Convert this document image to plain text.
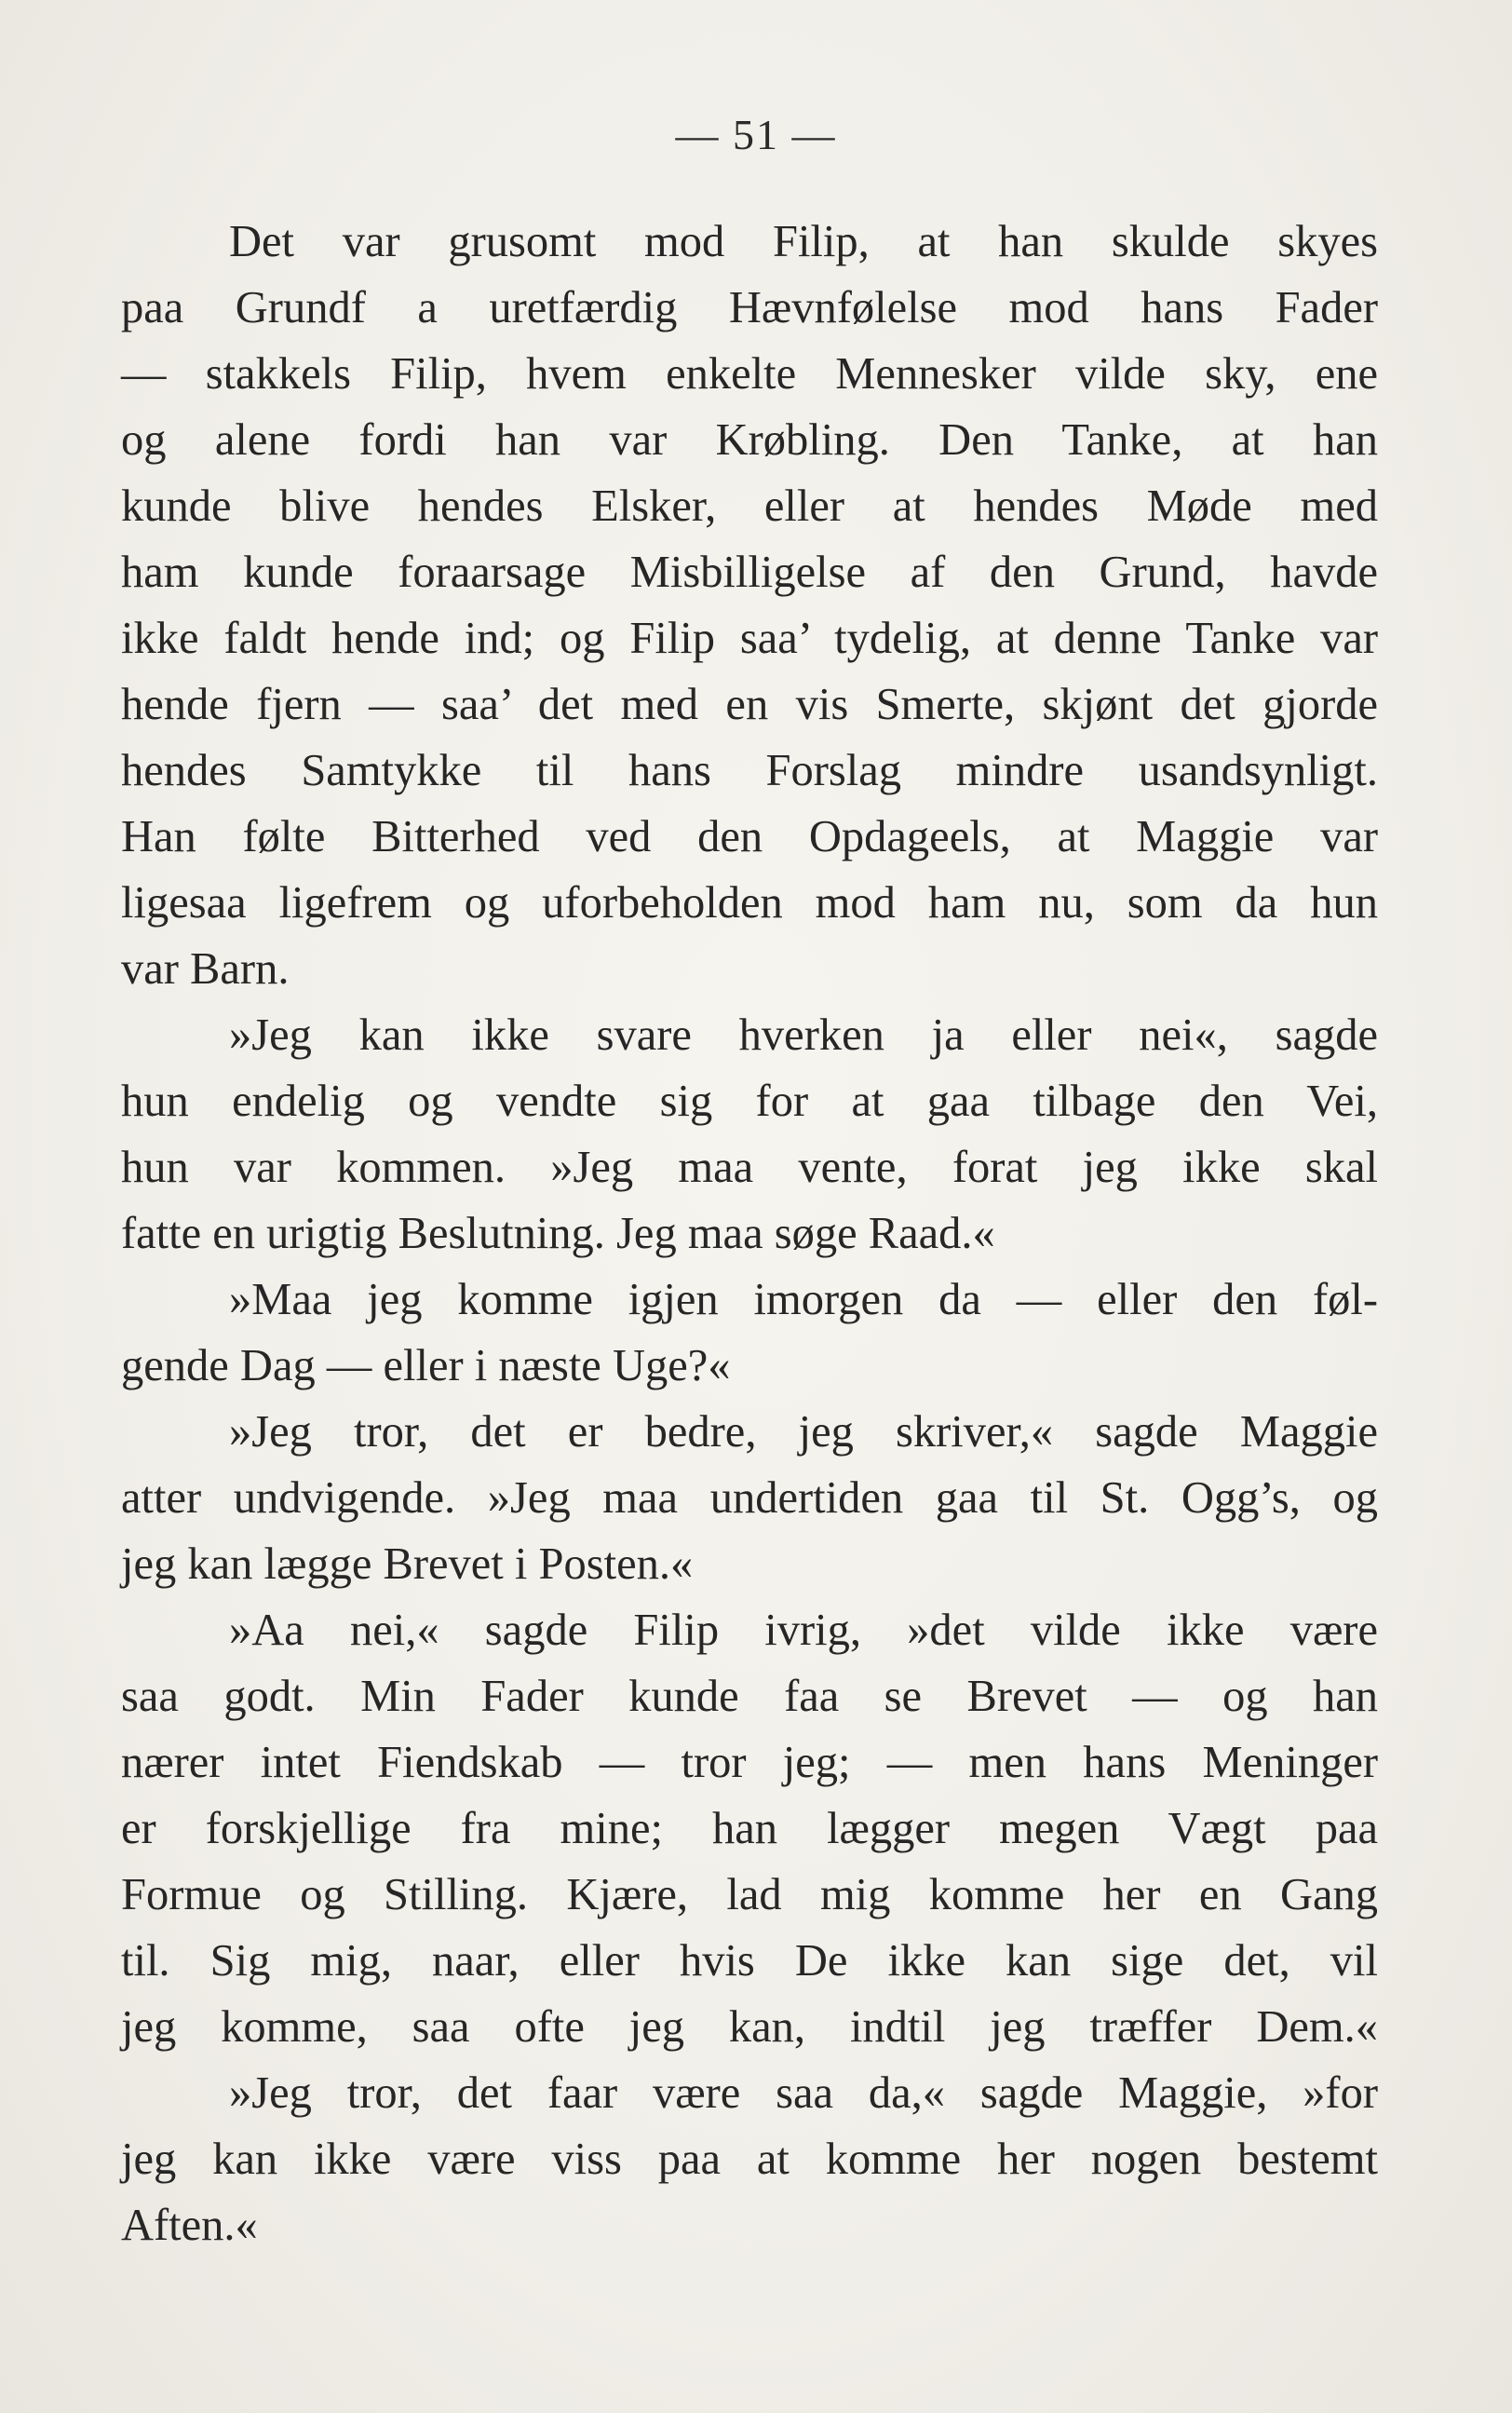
— 51 —
Det var grusomt mod Filip, at han skulde skyes
paa Grundf a uretfærdig Hævnfølelse mod hans Fader
— stakkels Filip, hvem enkelte Mennesker vilde sky, ene
og alene fordi han var Krøbling. Den Tanke, at han
kunde blive hendes Elsker, eller at hendes Møde med
ham kunde foraarsage Misbilligelse af den Grund, havde
ikke faldt hende ind; og Filip saa’ tydelig, at denne Tanke var
hende fjern — saa’ det med en vis Smerte, skjønt det gjorde
hendes Samtykke til hans Forslag mindre usandsynligt.
Han følte Bitterhed ved den Opdageels, at Maggie var
ligesaa ligefrem og uforbeholden mod ham nu, som da hun
var Barn.
»Jeg kan ikke svare hverken ja eller nei«, sagde
hun endelig og vendte sig for at gaa tilbage den Vei,
hun var kommen. »Jeg maa vente, forat jeg ikke skal
fatte en urigtig Beslutning. Jeg maa søge Raad.«
»Maa jeg komme igjen imorgen da — eller den føl-
gende Dag — eller i næste Uge?«
»Jeg tror, det er bedre, jeg skriver,« sagde Maggie
atter undvigende. »Jeg maa undertiden gaa til St. Ogg’s, og
jeg kan lægge Brevet i Posten.«
»Aa nei,« sagde Filip ivrig, »det vilde ikke være
saa godt. Min Fader kunde faa se Brevet — og han
nærer intet Fiendskab — tror jeg; — men hans Meninger
er forskjellige fra mine; han lægger megen Vægt paa
Formue og Stilling. Kjære, lad mig komme her en Gang
til. Sig mig, naar, eller hvis De ikke kan sige det, vil
jeg komme, saa ofte jeg kan, indtil jeg træffer Dem.«
»Jeg tror, det faar være saa da,« sagde Maggie, »for
jeg kan ikke være viss paa at komme her nogen bestemt
Aften.«
